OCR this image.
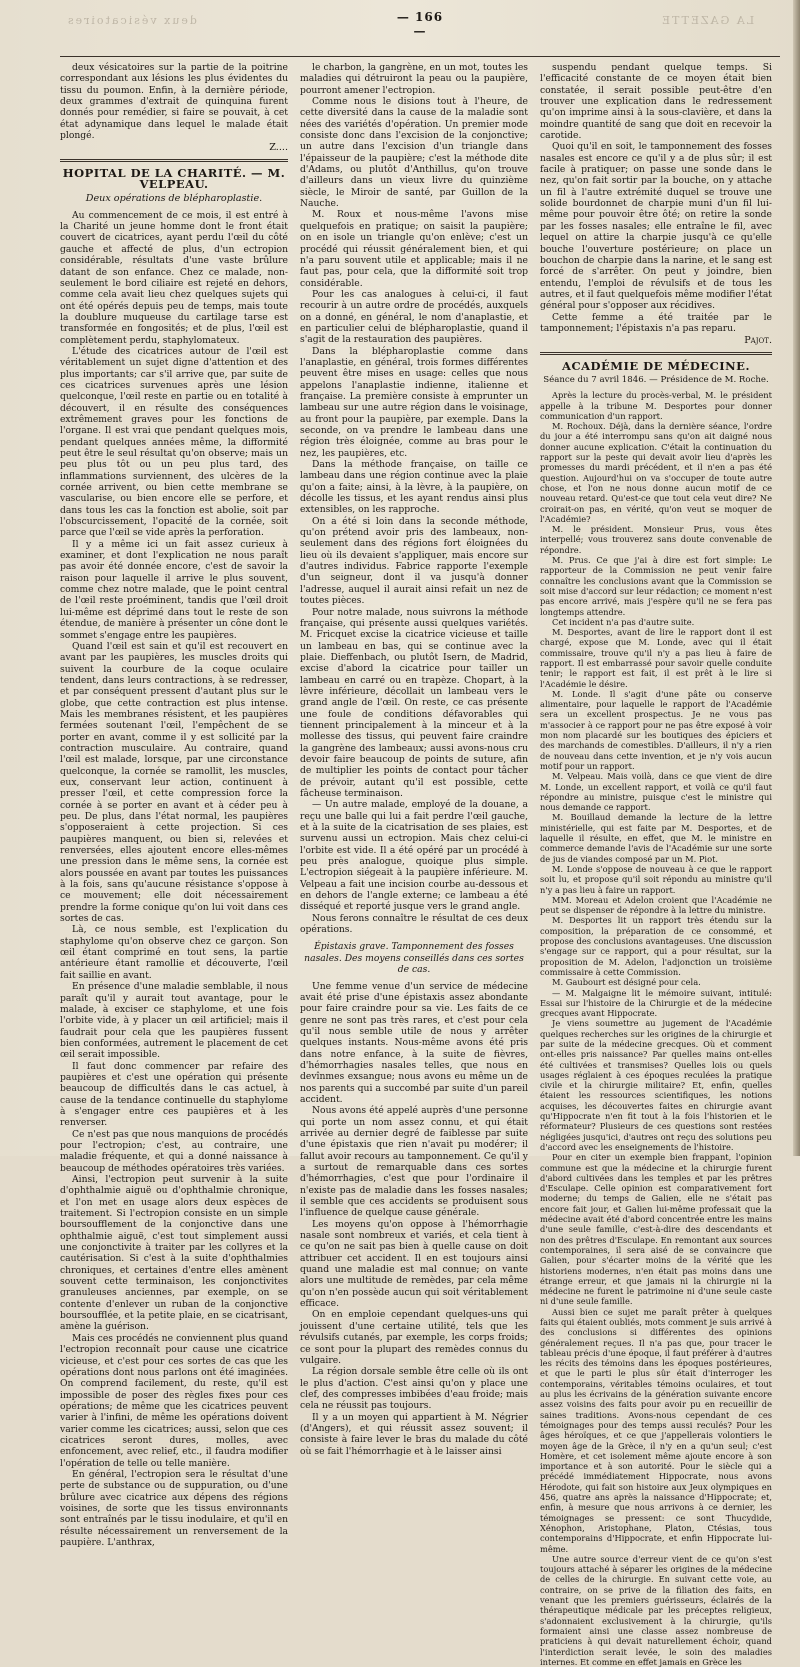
deux vésicatoires	— 166 —
LA GAZETTE

deux vésicatoires sur la partie de la poitrine correspondant aux lésions les plus évidentes du tissu du poumon. Enfin, à la dernière période, deux grammes d'extrait de quinquina furent donnés pour remédier, si faire se pouvait, à cet état adynamique dans lequel le malade était plongé.

Z....
HOPITAL DE LA CHARITÉ. — M. VELPEAU.
Deux opérations de blépharoplastie.

Au commencement de ce mois, il est entré à la Charité un jeune homme dont le front était couvert de cicatrices, ayant perdu l'œil du côté gauche et affecté de plus, d'un ectropion considérable, résultats d'une vaste brûlure datant de son enfance. Chez ce malade, non-seulement le bord ciliaire est rejeté en dehors, comme cela avait lieu chez quelques sujets qui ont été opérés depuis peu de temps, mais toute la doublure muqueuse du cartilage tarse est transformée en fongosités; et de plus, l'œil est complètement perdu, staphylomateux.

L'étude des cicatrices autour de l'œil est véritablement un sujet digne d'attention et des plus importants; car s'il arrive que, par suite de ces cicatrices survenues après une lésion quelconque, l'œil reste en partie ou en totalité à découvert, il en résulte des conséquences extrêmement graves pour les fonctions de l'organe. Il est vrai que pendant quelques mois, pendant quelques années même, la difformité peut être le seul résultat qu'on observe; mais un peu plus tôt ou un peu plus tard, des inflammations surviennent, des ulcères de la cornée arrivent, ou bien cette membrane se vascularise, ou bien encore elle se perfore, et dans tous les cas la fonction est abolie, soit par l'obscurcissement, l'opacité de la cornée, soit parce que l'œil se vide après la perforation.

Il y a même ici un fait assez curieux à examiner, et dont l'explication ne nous paraît pas avoir été donnée encore, c'est de savoir la raison pour laquelle il arrive le plus souvent, comme chez notre malade, que le point central de l'œil reste proéminent, tandis que l'œil droit lui-même est déprimé dans tout le reste de son étendue, de manière à présenter un cône dont le sommet s'engage entre les paupières.

Quand l'œil est sain et qu'il est recouvert en avant par les paupières, les muscles droits qui suivent la courbure de la coque oculaire tendent, dans leurs contractions, à se redresser, et par conséquent pressent d'autant plus sur le globe, que cette contraction est plus intense. Mais les membranes résistent, et les paupières fermées soutenant l'œil, l'empêchent de se porter en avant, comme il y est sollicité par la contraction musculaire. Au contraire, quand l'œil est malade, lorsque, par une circonstance quelconque, la cornée se ramollit, les muscles, eux, conservant leur action, continuent à presser l'œil, et cette compression force la cornée à se porter en avant et à céder peu à peu. De plus, dans l'état normal, les paupières s'opposeraient à cette projection. Si ces paupières manquent, ou bien si, relevées et renversées, elles ajoutent encore elles-mêmes une pression dans le même sens, la cornée est alors poussée en avant par toutes les puissances à la fois, sans qu'aucune résistance s'oppose à ce mouvement; elle doit nécessairement prendre la forme conique qu'on lui voit dans ces sortes de cas.

Là, ce nous semble, est l'explication du staphylome qu'on observe chez ce garçon. Son œil étant comprimé en tout sens, la partie antérieure étant ramollie et découverte, l'œil fait saillie en avant.

En présence d'une maladie semblable, il nous paraît qu'il y aurait tout avantage, pour le malade, à exciser ce staphylome, et une fois l'orbite vide, à y placer un œil artificiel; mais il faudrait pour cela que les paupières fussent bien conformées, autrement le placement de cet œil serait impossible.

Il faut donc commencer par refaire des paupières et c'est une opération qui présente beaucoup de difficultés dans le cas actuel, à cause de la tendance continuelle du staphylome à s'engager entre ces paupières et à les renverser.

Ce n'est pas que nous manquions de procédés pour l'ectropion; c'est, au contraire, une maladie fréquente, et qui a donné naissance à beaucoup de méthodes opératoires très variées.

Ainsi, l'ectropion peut survenir à la suite d'ophthalmie aiguë ou d'ophthalmie chronique, et l'on met en usage alors deux espèces de traitement. Si l'ectropion consiste en un simple boursoufflement de la conjonctive dans une ophthalmie aiguë, c'est tout simplement aussi une conjonctivite à traiter par les collyres et la cautérisation. Si c'est à la suite d'ophthalmies chroniques, et certaines d'entre elles amènent souvent cette terminaison, les conjonctivites granuleuses anciennes, par exemple, on se contente d'enlever un ruban de la conjonctive boursoufflée, et la petite plaie, en se cicatrisant, amène la guérison.

Mais ces procédés ne conviennent plus quand l'ectropion reconnaît pour cause une cicatrice vicieuse, et c'est pour ces sortes de cas que les opérations dont nous parlons ont été imaginées. On comprend facilement, du reste, qu'il est impossible de poser des règles fixes pour ces opérations; de même que les cicatrices peuvent varier à l'infini, de même les opérations doivent varier comme les cicatrices; aussi, selon que ces cicatrices seront dures, molles, avec enfoncement, avec relief, etc., il faudra modifier l'opération de telle ou telle manière.

En général, l'ectropion sera le résultat d'une perte de substance ou de suppuration, ou d'une brûlure avec cicatrice aux dépens des régions voisines, de sorte que les tissus environnants sont entraînés par le tissu inodulaire, et qu'il en résulte nécessairement un renversement de la paupière. L'anthrax,

le charbon, la gangrène, en un mot, toutes les maladies qui détruiront la peau ou la paupière, pourront amener l'ectropion.

Comme nous le disions tout à l'heure, de cette diversité dans la cause de la maladie sont nées des variétés d'opération. Un premier mode consiste donc dans l'excision de la conjonctive; un autre dans l'excision d'un triangle dans l'épaisseur de la paupière; c'est la méthode dite d'Adams, ou plutôt d'Anthillus, qu'on trouve d'ailleurs dans un vieux livre du quinzième siècle, le Miroir de santé, par Guillon de la Nauche.

M. Roux et nous-même l'avons mise quelquefois en pratique; on saisit la paupière; on en isole un triangle qu'on enlève; c'est un procédé qui réussit généralement bien, et qui n'a paru souvent utile et applicable; mais il ne faut pas, pour cela, que la difformité soit trop considérable.

Pour les cas analogues à celui-ci, il faut recourir à un autre ordre de procédés, auxquels on a donné, en général, le nom d'anaplastie, et en particulier celui de blépharoplastie, quand il s'agit de la restauration des paupières.

Dans la blépharoplastie comme dans l'anaplastie, en général, trois formes différentes peuvent être mises en usage: celles que nous appelons l'anaplastie indienne, italienne et française. La première consiste à emprunter un lambeau sur une autre région dans le voisinage, au front pour la paupière, par exemple. Dans la seconde, on va prendre le lambeau dans une région très éloignée, comme au bras pour le nez, les paupières, etc.

Dans la méthode française, on taille ce lambeau dans une région continue avec la plaie qu'on a faite; ainsi, à la lèvre, à la paupière, on décolle les tissus, et les ayant rendus ainsi plus extensibles, on les rapproche.

On a été si loin dans la seconde méthode, qu'on prétend avoir pris des lambeaux, non-seulement dans des régions fort éloignées du lieu où ils devaient s'appliquer, mais encore sur d'autres individus. Fabrice rapporte l'exemple d'un seigneur, dont il va jusqu'à donner l'adresse, auquel il aurait ainsi refait un nez de toutes pièces.

Pour notre malade, nous suivrons la méthode française, qui présente aussi quelques variétés. M. Fricquet excise la cicatrice vicieuse et taille un lambeau en bas, qui se continue avec la plaie. Dieffenbach, ou plutôt Isern, de Madrid, excise d'abord la cicatrice pour tailler un lambeau en carré ou en trapèze. Chopart, à la lèvre inférieure, décollait un lambeau vers le grand angle de l'œil. On reste, ce cas présente une foule de conditions défavorables qui tiennent principalement à la minceur et à la mollesse des tissus, qui peuvent faire craindre la gangrène des lambeaux; aussi avons-nous cru devoir faire beaucoup de points de suture, afin de multiplier les points de contact pour tâcher de prévoir, autant qu'il est possible, cette fâcheuse terminaison.

— Un autre malade, employé de la douane, a reçu une balle qui lui a fait perdre l'œil gauche, et à la suite de la cicatrisation de ses plaies, est survenu aussi un ectropion. Mais chez celui-ci l'orbite est vide. Il a été opéré par un procédé à peu près analogue, quoique plus simple. L'ectropion siégeait à la paupière inférieure. M. Velpeau a fait une incision courbe au-dessous et en dehors de l'angle externe; ce lambeau a été disséqué et reporté jusque vers le grand angle.

Nous ferons connaître le résultat de ces deux opérations.

Épistaxis grave. Tamponnement des fosses nasales. Des moyens conseillés dans ces sortes de cas.

Une femme venue d'un service de médecine avait été prise d'une épistaxis assez abondante pour faire craindre pour sa vie. Les faits de ce genre ne sont pas très rares, et c'est pour cela qu'il nous semble utile de nous y arrêter quelques instants. Nous-même avons été pris dans notre enfance, à la suite de fièvres, d'hémorrhagies nasales telles, que nous en devînmes exsangue; nous avons eu même un de nos parents qui a succombé par suite d'un pareil accident.

Nous avons été appelé auprès d'une personne qui porte un nom assez connu, et qui était arrivée au dernier degré de faiblesse par suite d'une épistaxis que rien n'avait pu modérer; il fallut avoir recours au tamponnement. Ce qu'il y a surtout de remarquable dans ces sortes d'hémorrhagies, c'est que pour l'ordinaire il n'existe pas de maladie dans les fosses nasales; il semble que ces accidents se produisent sous l'influence de quelque cause générale.

Les moyens qu'on oppose à l'hémorrhagie nasale sont nombreux et variés, et cela tient à ce qu'on ne sait pas bien à quelle cause on doit attribuer cet accident. Il en est toujours ainsi quand une maladie est mal connue; on vante alors une multitude de remèdes, par cela même qu'on n'en possède aucun qui soit véritablement efficace.

On en emploie cependant quelques-uns qui jouissent d'une certaine utilité, tels que les révulsifs cutanés, par exemple, les corps froids; ce sont pour la plupart des remèdes connus du vulgaire.

La région dorsale semble être celle où ils ont le plus d'action. C'est ainsi qu'on y place une clef, des compresses imbibées d'eau froide; mais cela ne réussit pas toujours.

Il y a un moyen qui appartient à M. Négrier (d'Angers), et qui réussit assez souvent; il consiste à faire lever le bras du malade du côté où se fait l'hémorrhagie et à le laisser ainsi

suspendu pendant quelque temps. Si l'efficacité constante de ce moyen était bien constatée, il serait possible peut-être d'en trouver une explication dans le redressement qu'on imprime ainsi à la sous-clavière, et dans la moindre quantité de sang que doit en recevoir la carotide.

Quoi qu'il en soit, le tamponnement des fosses nasales est encore ce qu'il y a de plus sûr; il est facile à pratiquer; on passe une sonde dans le nez, qu'on fait sortir par la bouche, on y attache un fil à l'autre extrémité duquel se trouve une solide bourdonnet de charpie muni d'un fil lui-même pour pouvoir être ôté; on retire la sonde par les fosses nasales; elle entraîne le fil, avec lequel on attire la charpie jusqu'à ce qu'elle bouche l'ouverture postérieure; on place un bouchon de charpie dans la narine, et le sang est forcé de s'arrêter. On peut y joindre, bien entendu, l'emploi de révulsifs et de tous les autres, et il faut quelquefois même modifier l'état général pour s'opposer aux récidives.

Cette femme a été traitée par le tamponnement; l'épistaxis n'a pas reparu.

Pajot.
ACADÉMIE DE MÉDECINE.
Séance du 7 avril 1846. — Présidence de M. Roche.

Après la lecture du procès-verbal, M. le président appelle à la tribune M. Desportes pour donner communication d'un rapport.

M. Rochoux. Déjà, dans la dernière séance, l'ordre du jour a été interrompu sans qu'on ait daigné nous donner aucune explication. C'était la continuation du rapport sur la peste qui devait avoir lieu d'après les promesses du mardi précédent, et il n'en a pas été question. Aujourd'hui on va s'occuper de toute autre chose, et l'on ne nous donne aucun motif de ce nouveau retard. Qu'est-ce que tout cela veut dire? Ne croirait-on pas, en vérité, qu'on veut se moquer de l'Académie?

M. le président. Monsieur Prus, vous êtes interpellé; vous trouverez sans doute convenable de répondre.

M. Prus. Ce que j'ai à dire est fort simple: Le rapporteur de la Commission ne peut venir faire connaître les conclusions avant que la Commission se soit mise d'accord sur leur rédaction; ce moment n'est pas encore arrivé, mais j'espère qu'il ne se fera pas longtemps attendre.

Cet incident n'a pas d'autre suite.

M. Desportes, avant de lire le rapport dont il est chargé, expose que M. Londe, avec qui il était commissaire, trouve qu'il n'y a pas lieu à faire de rapport. Il est embarrassé pour savoir quelle conduite tenir; le rapport est fait, il est prêt à le lire si l'Académie le désire.

M. Londe. Il s'agit d'une pâte ou conserve alimentaire, pour laquelle le rapport de l'Académie sera un excellent prospectus. Je ne vous pas m'associer à ce rapport pour ne pas être exposé à voir mon nom placardé sur les boutiques des épiciers et des marchands de comestibles. D'ailleurs, il n'y a rien de nouveau dans cette invention, et je n'y vois aucun motif pour un rapport.

M. Velpeau. Mais voilà, dans ce que vient de dire M. Londe, un excellent rapport, et voilà ce qu'il faut répondre au ministre, puisque c'est le ministre qui nous demande ce rapport.

M. Bouillaud demande la lecture de la lettre ministérielle, qui est faite par M. Desportes, et de laquelle il résulte, en effet, que M. le ministre en commerce demande l'avis de l'Académie sur une sorte de jus de viandes composé par un M. Piot.

M. Londe s'oppose de nouveau à ce que le rapport soit lu, et propose qu'il soit répondu au ministre qu'il n'y a pas lieu à faire un rapport.

MM. Moreau et Adelon croient que l'Académie ne peut se dispenser de répondre à la lettre du ministre.

M. Desportes lit un rapport très étendu sur la composition, la préparation de ce consommé, et propose des conclusions avantageuses. Une discussion s'engage sur ce rapport, qui a pour résultat, sur la proposition de M. Adelon, l'adjonction un troisième commissaire à cette Commission.

M. Gaubourt est désigné pour cela.

— M. Malgaigne lit le mémoire suivant, intitulé: Essai sur l'histoire de la Chirurgie et de la médecine grecques avant Hippocrate.

Je viens soumettre au jugement de l'Académie quelques recherches sur les origines de la chirurgie et par suite de la médecine grecques. Où et comment ont-elles pris naissance? Par quelles mains ont-elles été cultivées et transmises? Quelles lois ou quels usages réglaient à ces époques reculées la pratique civile et la chirurgie militaire? Et, enfin, quelles étaient les ressources scientifiques, les notions acquises, les découvertes faites en chirurgie avant qu'Hippocrate n'en fit tout à la fois l'historien et le réformateur? Plusieurs de ces questions sont restées négligées jusqu'ici, d'autres ont reçu des solutions peu d'accord avec les enseignements de l'histoire.

Pour en citer un exemple bien frappant, l'opinion commune est que la médecine et la chirurgie furent d'abord cultivées dans les temples et par les prêtres d'Esculape. Celle opinion est comparativement fort moderne; du temps de Galien, elle ne s'était pas encore fait jour, et Galien lui-même professait que la médecine avait été d'abord concentrée entre les mains d'une seule famille, c'est-à-dire des descendants et non des prêtres d'Esculape. En remontant aux sources contemporaines, il sera aisé de se convaincre que Galien, pour s'écarter moins de la vérité que les historiens modernes, n'en était pas moins dans une étrange erreur, et que jamais ni la chirurgie ni la médecine ne furent le patrimoine ni d'une seule caste ni d'une seule famille.

Aussi bien ce sujet me paraît prêter à quelques faits qui étaient oubliés, mots comment je suis arrivé à des conclusions si différentes des opinions généralement reçues. Il n'a pas que, pour tracer le tableau précis d'une époque, il faut préférer à d'autres les récits des témoins dans les époques postérieures, et que le parti le plus sûr était d'interroger les contemporains, véritables témoins oculaires, et tout au plus les écrivains de la génération suivante encore assez voisins des faits pour avoir pu en recueillir de saines traditions. Avons-nous cependant de ces témoignages pour des temps aussi reculés? Pour les âges héroïques, et ce que j'appellerais volontiers le moyen âge de la Grèce, il n'y en a qu'un seul; c'est Homère, et cet isolement même ajoute encore à son importance et à son autorité. Pour le siècle qui a précédé immédiatement Hippocrate, nous avons Hérodote, qui fait son histoire aux Jeux olympiques en 456, quatre ans après la naissance d'Hippocrate; et, enfin, à mesure que nous arrivons à ce dernier, les témoignages se pressent: ce sont Thucydide, Xénophon, Aristophane, Platon, Ctésias, tous contemporains d'Hippocrate, et enfin Hippocrate lui-même.

Une autre source d'erreur vient de ce qu'on s'est toujours attaché à séparer les origines de la médecine de celles de la chirurgie. En suivant cette voie, au contraire, on se prive de la filiation des faits, en venant que les premiers guérisseurs, éclairés de la thérapeutique médicale par les préceptes religieux, s'adonnaient exclusivement à la chirurgie, qu'ils formaient ainsi une classe assez nombreuse de praticiens à qui devait naturellement échoir, quand l'interdiction serait levée, le soin des maladies internes. Et comme en effet jamais en Grèce les
